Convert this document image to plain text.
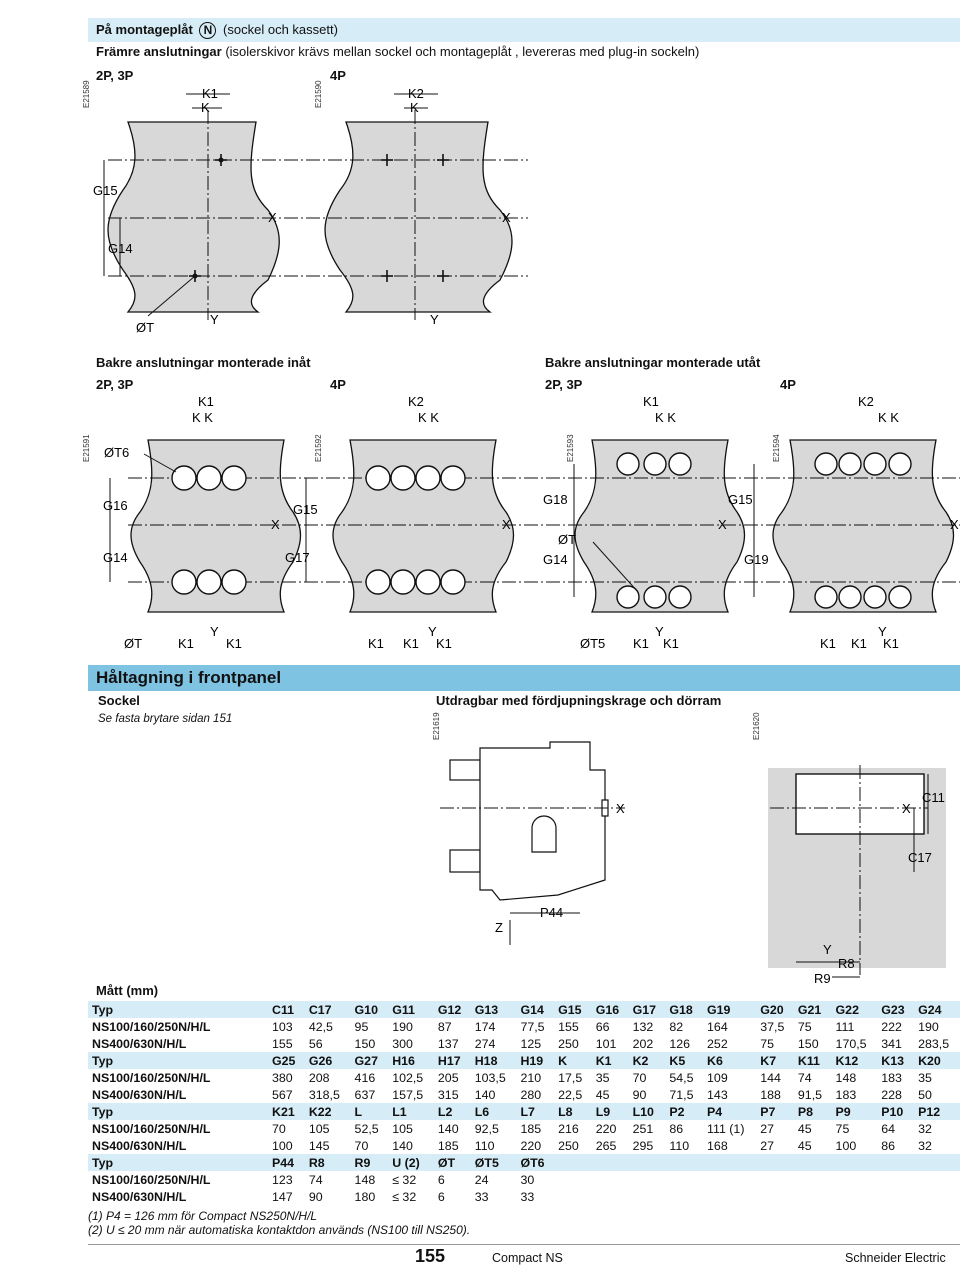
På montageplåt N (sockel och kassett)
Främre anslutningar (isolerskivor krävs mellan sockel och montageplåt , levereras med plug-in sockeln)
2P, 3P	4P
E21589	E21590
K1
K
K2
K
G15
G14
X	X
ØT
Y	Y
Bakre anslutningar monterade inåt	Bakre anslutningar monterade utåt
2P, 3P	4P	2P, 3P	4P
E21591	E21592	E21593	E21594
K1
K K
K2
K K
K1
K K
K2
K K
ØT6
G16
G14
G15
G17
X	X
G18
ØT
G14
G15
G19
X	X
ØT	K1 K1
Y
K1 K1 K1
Y
ØT5 K1 K1
Y
K1 K1 K1
Y
Håltagning i frontpanel
Sockel	Utdragbar med fördjupningskrage och dörram
Se fasta brytare sidan 151	E21619	E21620
X
Z
P44
X
C11
C17
Y
R8
R9
Mått (mm)
Typ	C11	C17	G10	G11	G12	G13	G14	G15	G16	G17	G18	G19	G20	G21	G22	G23	G24
NS100/160/250N/H/L	103	42,5	95	190	87	174	77,5	155	66	132	82	164	37,5	75	111	222	190
NS400/630N/H/L	155	56	150	300	137	274	125	250	101	202	126	252	75	150	170,5	341	283,5
Typ	G25	G26	G27	H16	H17	H18	H19	K	K1	K2	K5	K6	K7	K11	K12	K13	K20
NS100/160/250N/H/L	380	208	416	102,5	205	103,5	210	17,5	35	70	54,5	109	144	74	148	183	35
NS400/630N/H/L	567	318,5	637	157,5	315	140	280	22,5	45	90	71,5	143	188	91,5	183	228	50
Typ	K21	K22	L	L1	L2	L6	L7	L8	L9	L10	P2	P4	P7	P8	P9	P10	P12
NS100/160/250N/H/L	70	105	52,5	105	140	92,5	185	216	220	251	86	111 (1)	27	45	75	64	32
NS400/630N/H/L	100	145	70	140	185	110	220	250	265	295	110	168	27	45	100	86	32
Typ	P44	R8	R9	U (2)	ØT	ØT5	ØT6										
NS100/160/250N/H/L	123	74	148	≤ 32	6	24	30										
NS400/630N/H/L	147	90	180	≤ 32	6	33	33										
(1) P4 = 126 mm för Compact NS250N/H/L
(2) U ≤ 20 mm när automatiska kontaktdon används (NS100 till NS250).
155	Compact NS	Schneider Electric
